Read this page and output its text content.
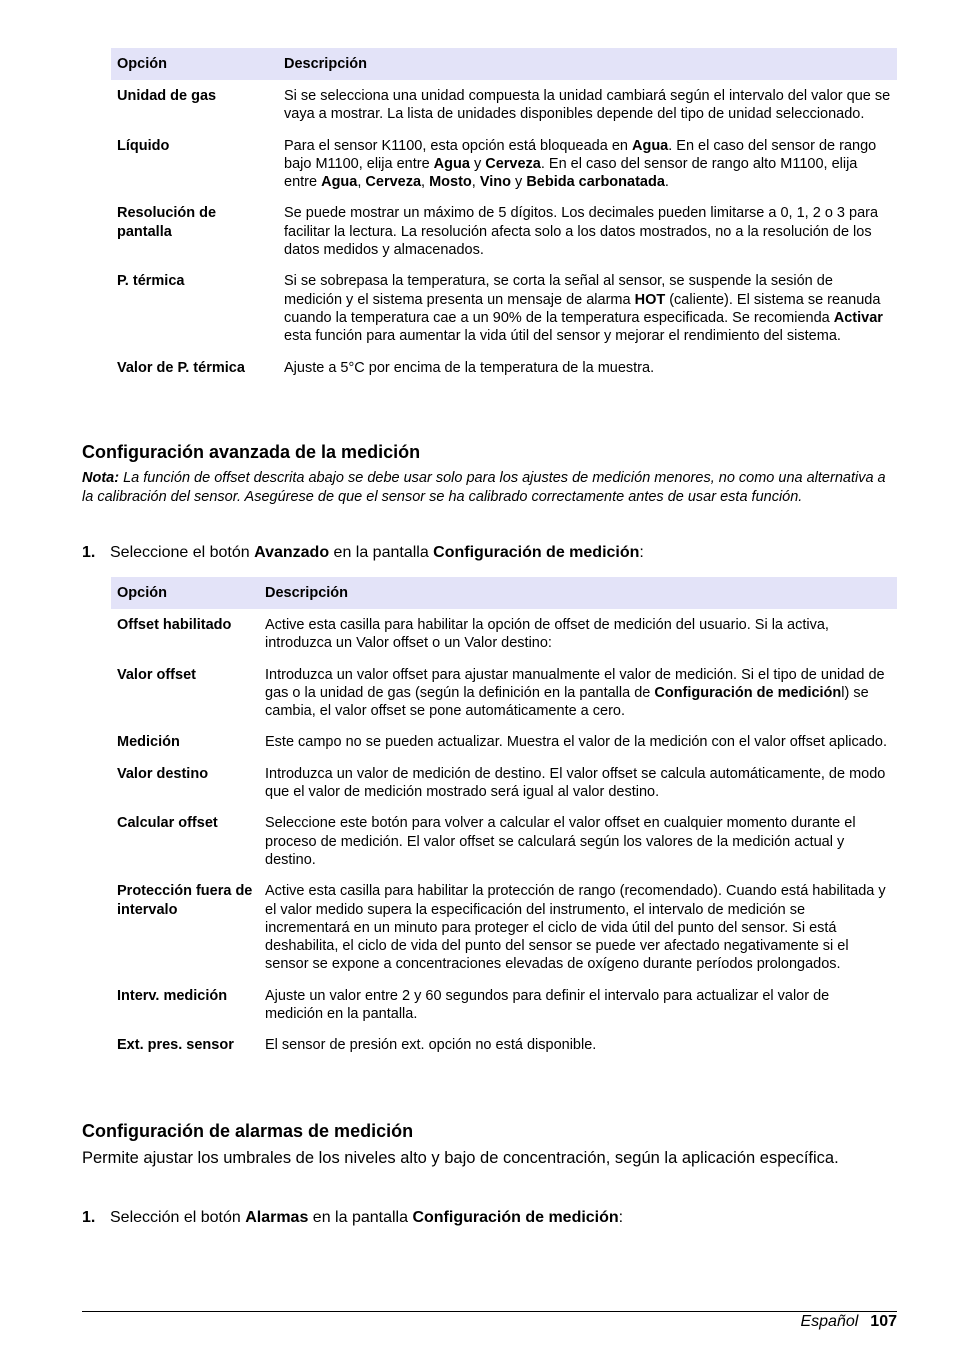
Opción	Descripción
Unidad de gas	Si se selecciona una unidad compuesta la unidad cambiará según el intervalo del valor que se vaya a mostrar. La lista de unidades disponibles depende del tipo de unidad seleccionado.
Líquido	Para el sensor K1100, esta opción está bloqueada en Agua. En el caso del sensor de rango bajo M1100, elija entre Agua y Cerveza. En el caso del sensor de rango alto M1100, elija entre Agua, Cerveza, Mosto, Vino y Bebida carbonatada.
Resolución de pantalla	Se puede mostrar un máximo de 5 dígitos. Los decimales pueden limitarse a 0, 1, 2 o 3 para facilitar la lectura. La resolución afecta solo a los datos mostrados, no a la resolución de los datos medidos y almacenados.
P. térmica	Si se sobrepasa la temperatura, se corta la señal al sensor, se suspende la sesión de medición y el sistema presenta un mensaje de alarma HOT (caliente). El sistema se reanuda cuando la temperatura cae a un 90% de la temperatura especificada. Se recomienda Activar esta función para aumentar la vida útil del sensor y mejorar el rendimiento del sistema.
Valor de P. térmica	Ajuste a 5°C por encima de la temperatura de la muestra.
Configuración avanzada de la medición
Nota: La función de offset descrita abajo se debe usar solo para los ajustes de medición menores, no como una alternativa a la calibración del sensor. Asegúrese de que el sensor se ha calibrado correctamente antes de usar esta función.
1. Seleccione el botón Avanzado en la pantalla Configuración de medición:
Opción	Descripción
Offset habilitado	Active esta casilla para habilitar la opción de offset de medición del usuario. Si la activa, introduzca un Valor offset o un Valor destino:
Valor offset	Introduzca un valor offset para ajustar manualmente el valor de medición. Si el tipo de unidad de gas o la unidad de gas (según la definición en la pantalla de Configuración de mediciónl) se cambia, el valor offset se pone automáticamente a cero.
Medición	Este campo no se pueden actualizar. Muestra el valor de la medición con el valor offset aplicado.
Valor destino	Introduzca un valor de medición de destino. El valor offset se calcula automáticamente, de modo que el valor de medición mostrado será igual al valor destino.
Calcular offset	Seleccione este botón para volver a calcular el valor offset en cualquier momento durante el proceso de medición. El valor offset se calculará según los valores de la medición actual y destino.
Protección fuera de intervalo	Active esta casilla para habilitar la protección de rango (recomendado). Cuando está habilitada y el valor medido supera la especificación del instrumento, el intervalo de medición se incrementará en un minuto para proteger el ciclo de vida útil del punto del sensor. Si está deshabilita, el ciclo de vida del punto del sensor se puede ver afectado negativamente si el sensor se expone a concentraciones elevadas de oxígeno durante períodos prolongados.
Interv. medición	Ajuste un valor entre 2 y 60 segundos para definir el intervalo para actualizar el valor de medición en la pantalla.
Ext. pres. sensor	El sensor de presión ext. opción no está disponible.
Configuración de alarmas de medición
Permite ajustar los umbrales de los niveles alto y bajo de concentración, según la aplicación específica.
1. Selección el botón Alarmas en la pantalla Configuración de medición:
Español 107
